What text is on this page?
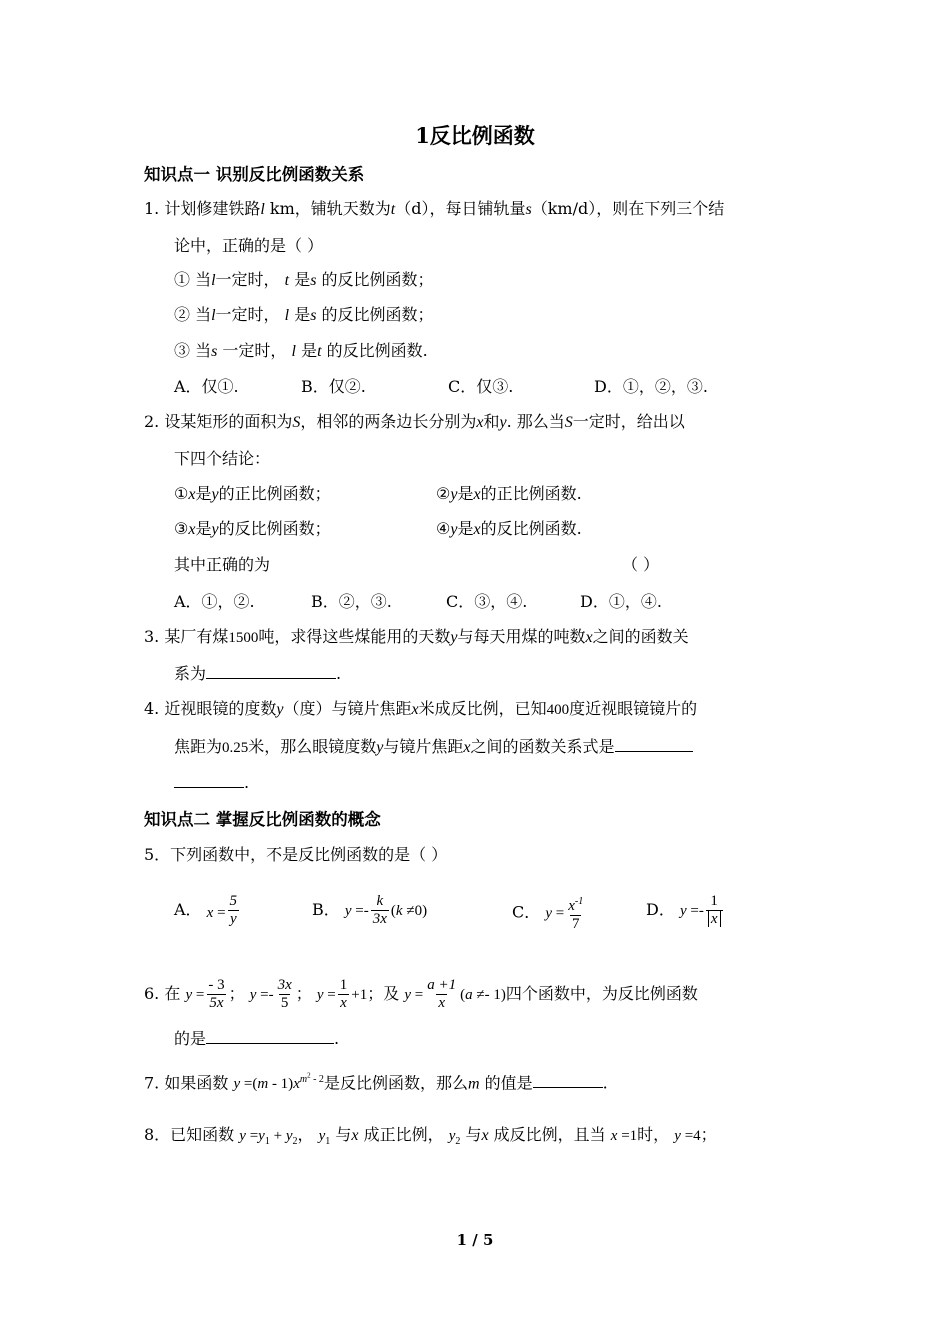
1反比例函数
知识点一 识别反比例函数关系
1. 计划修建铁路l km，铺轨天数为t（d），每日铺轨量s（km/d），则在下列三个结
论中，正确的是（ ）
① 当l一定时， t 是s 的反比例函数；
② 当l一定时， l 是s 的反比例函数；
③ 当s 一定时， l 是t 的反比例函数.
A．仅①.	B．仅②.	C．仅③.	D．①，②，③.
2. 设某矩形的面积为S，相邻的两条边长分别为x和y. 那么当S一定时，给出以
下四个结论：
①x是y的正比例函数；	②y是x的正比例函数.
③x是y的反比例函数；	④y是x的反比例函数.
其中正确的为	（ ）
A．①，②.	B．②，③.	C．③，④.	D．①，④.
3. 某厂有煤1500吨，求得这些煤能用的天数y与每天用煤的吨数x之间的函数关
系为	.
4. 近视眼镜的度数y（度）与镜片焦距x米成反比例，已知400度近视眼镜镜片的
焦距为0.25米，那么眼镜度数y与镜片焦距x之间的函数关系式是
.
知识点二 掌握反比例函数的概念
5．下列函数中，不是反比例函数的是（ ）
A． $x = \frac{5}{y}$	B． $y =- \frac{k}{3x} (k \ne 0)$	C． $y = \frac{x^{-1}}{7}$	D． $y =- \frac{1}{x}$
6. 在 $y = \frac{- 3}{5x}$ ； $y =- \frac{3x}{5}$ ； $y = \frac{1}{x} +1$；及 $y = \frac{a +1}{x} (a \ne- 1)$四个函数中，为反比例函数
的是	.
7. 如果函数 $y =(m - 1)x^{m^2 - 2}$是反比例函数，那么m 的值是	.
8．已知函数 $y =y_1 + y_2$， $y_1$ 与x 成正比例， $y_2$ 与x 成反比例，且当 x =1时， y =4；
1 / 5
